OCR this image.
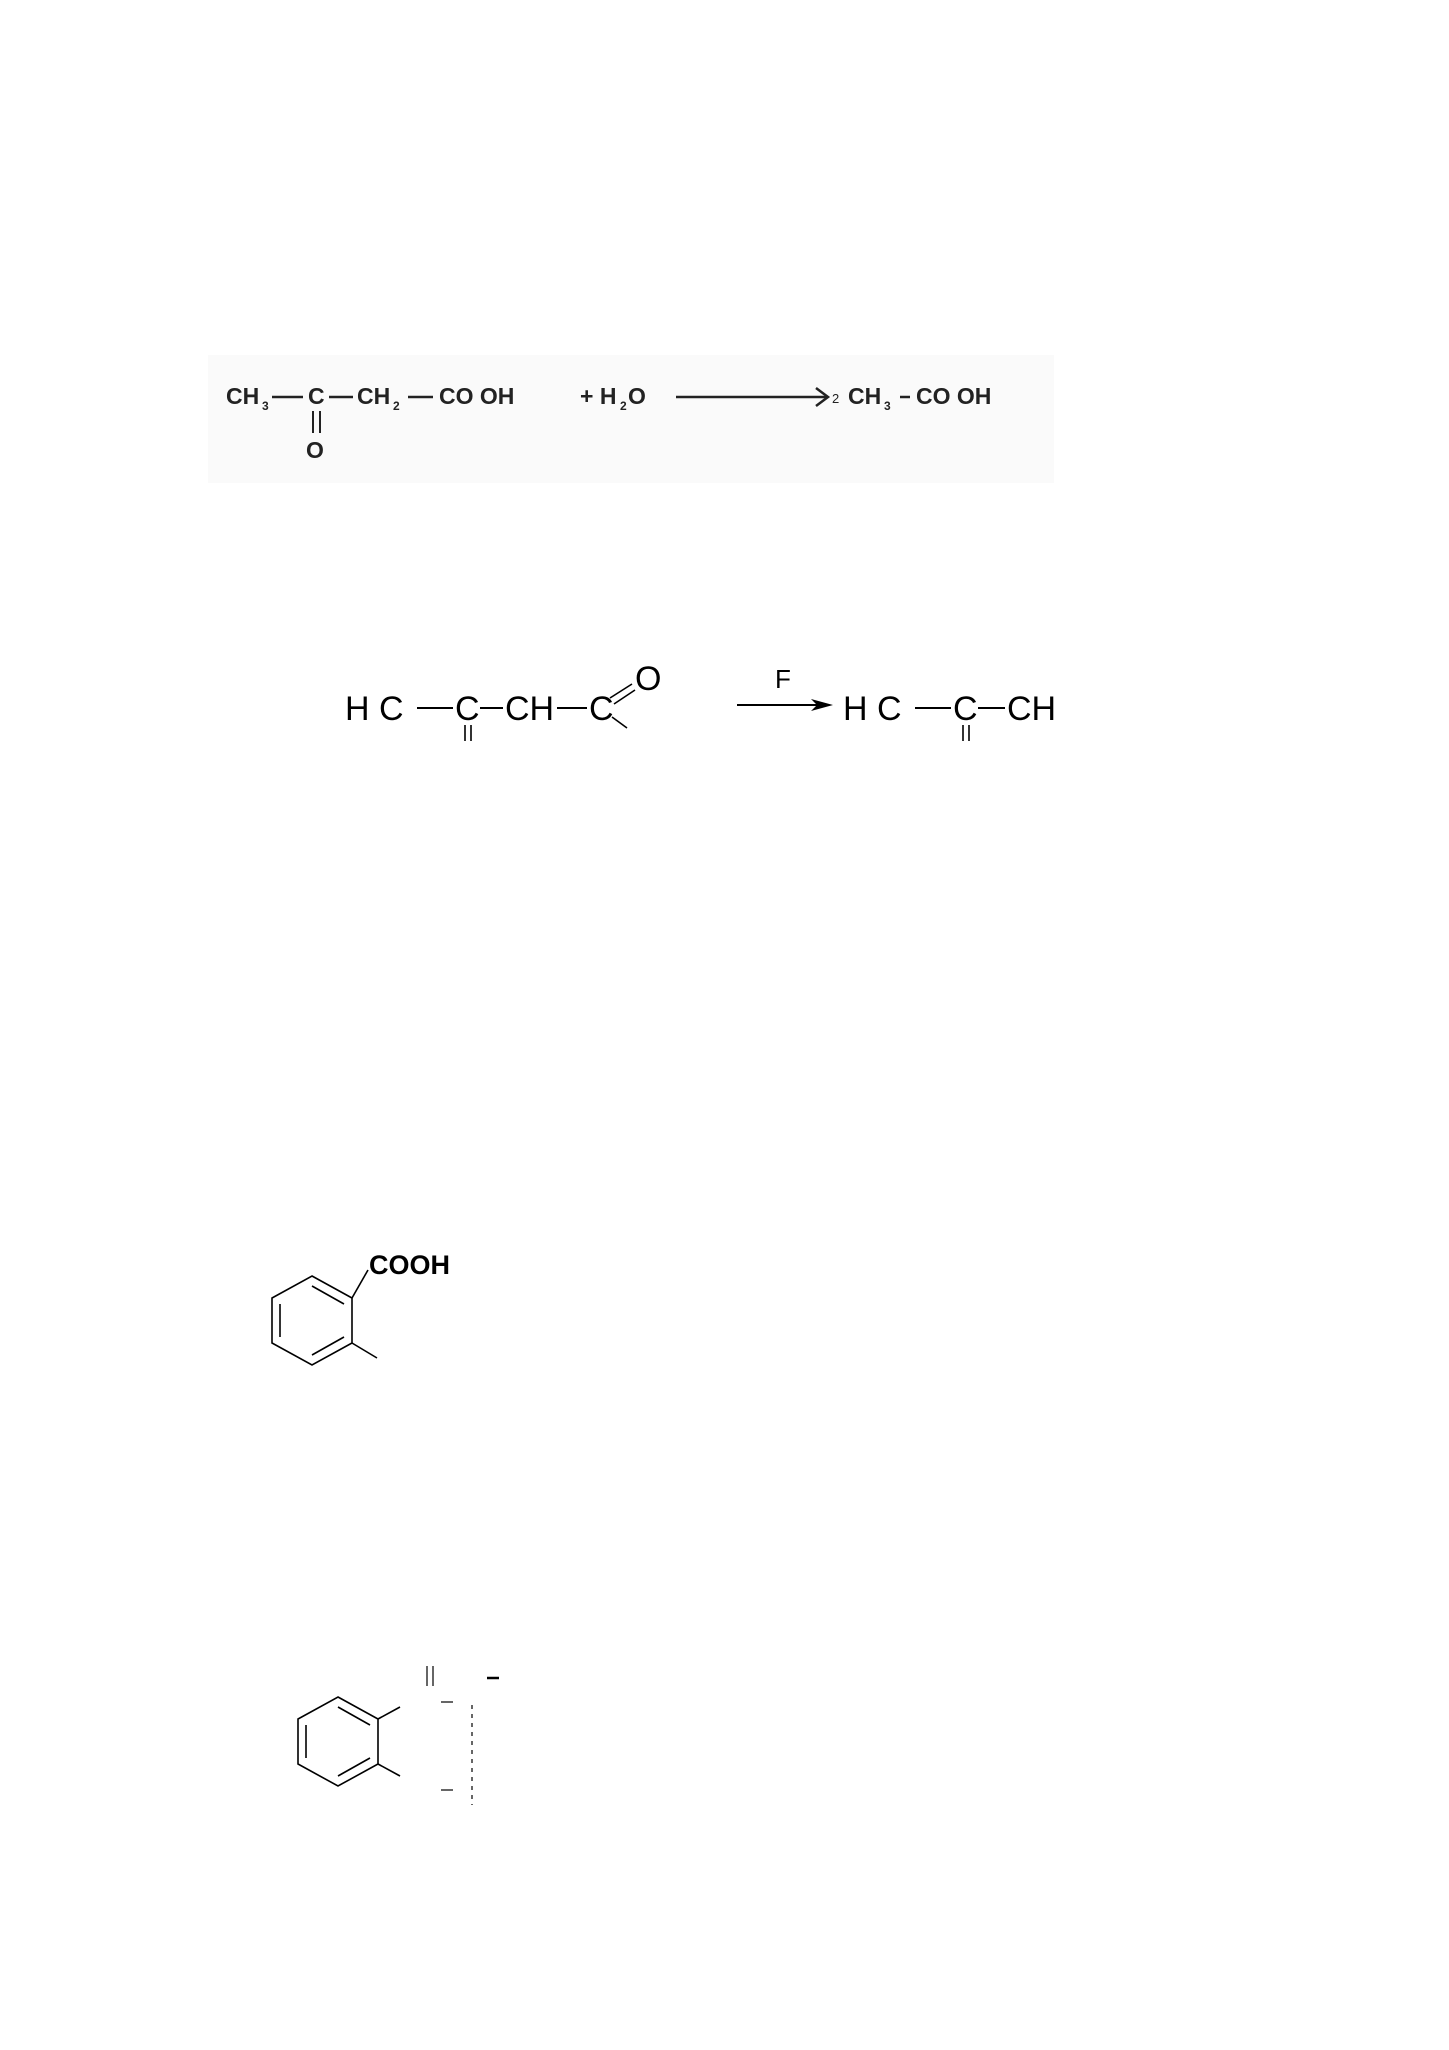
CH 3 C
O
CH 2 CO OH	+ H 2 O	2 CH 3 CO OH
H C C CH C
O	F
H C C CH
COOH
